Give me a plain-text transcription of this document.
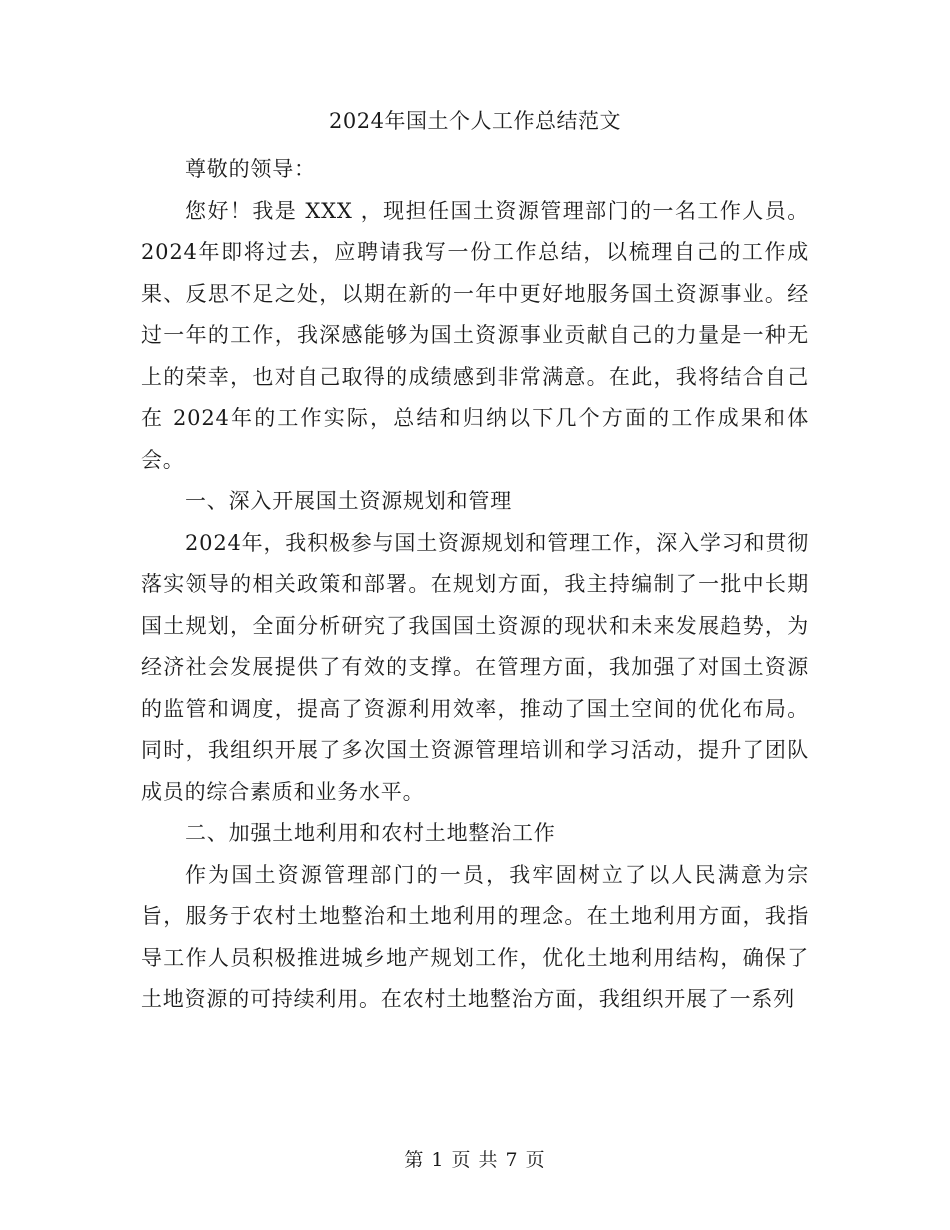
2024年国土个人工作总结范文

尊敬的领导：

您好！我是 XXX ，现担任国土资源管理部门的一名工作人员。2024年即将过去，应聘请我写一份工作总结，以梳理自己的工作成果、反思不足之处，以期在新的一年中更好地服务国土资源事业。经过一年的工作，我深感能够为国土资源事业贡献自己的力量是一种无上的荣幸，也对自己取得的成绩感到非常满意。在此，我将结合自己在 2024年的工作实际，总结和归纳以下几个方面的工作成果和体会。

一、深入开展国土资源规划和管理

2024年，我积极参与国土资源规划和管理工作，深入学习和贯彻落实领导的相关政策和部署。在规划方面，我主持编制了一批中长期国土规划，全面分析研究了我国国土资源的现状和未来发展趋势，为经济社会发展提供了有效的支撑。在管理方面，我加强了对国土资源的监管和调度，提高了资源利用效率，推动了国土空间的优化布局。同时，我组织开展了多次国土资源管理培训和学习活动，提升了团队成员的综合素质和业务水平。

二、加强土地利用和农村土地整治工作

作为国土资源管理部门的一员，我牢固树立了以人民满意为宗旨，服务于农村土地整治和土地利用的理念。在土地利用方面，我指导工作人员积极推进城乡地产规划工作，优化土地利用结构，确保了土地资源的可持续利用。在农村土地整治方面，我组织开展了一系列

第 1 页 共 7 页
